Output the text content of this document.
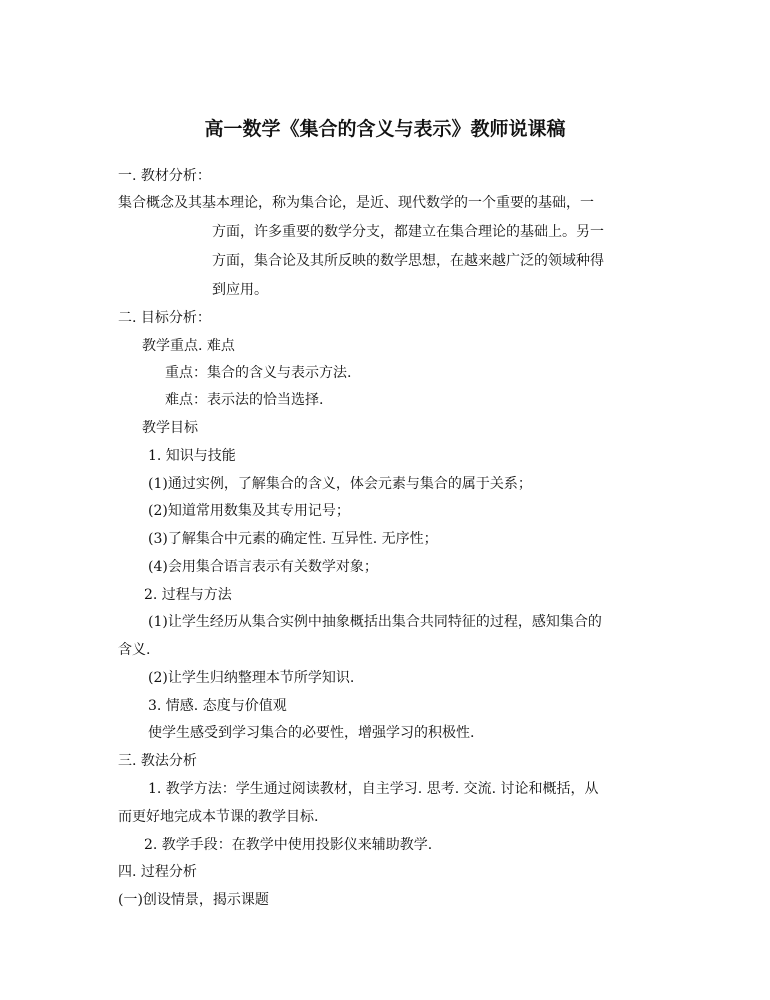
高一数学《集合的含义与表示》教师说课稿
一. 教材分析：
集合概念及其基本理论，称为集合论，是近、现代数学的一个重要的基础，一
方面，许多重要的数学分支，都建立在集合理论的基础上。另一
方面，集合论及其所反映的数学思想，在越来越广泛的领域种得
到应用。
二. 目标分析：
教学重点. 难点
重点：集合的含义与表示方法.
难点：表示法的恰当选择.
教学目标
1. 知识与技能
(1)通过实例，了解集合的含义，体会元素与集合的属于关系；
(2)知道常用数集及其专用记号；
(3)了解集合中元素的确定性. 互异性. 无序性；
(4)会用集合语言表示有关数学对象；
2. 过程与方法
(1)让学生经历从集合实例中抽象概括出集合共同特征的过程，感知集合的
含义.
(2)让学生归纳整理本节所学知识.
3. 情感. 态度与价值观
使学生感受到学习集合的必要性，增强学习的积极性.
三. 教法分析
1. 教学方法：学生通过阅读教材，自主学习. 思考. 交流. 讨论和概括，从
而更好地完成本节课的教学目标.
2. 教学手段：在教学中使用投影仪来辅助教学.
四. 过程分析
(一)创设情景，揭示课题
